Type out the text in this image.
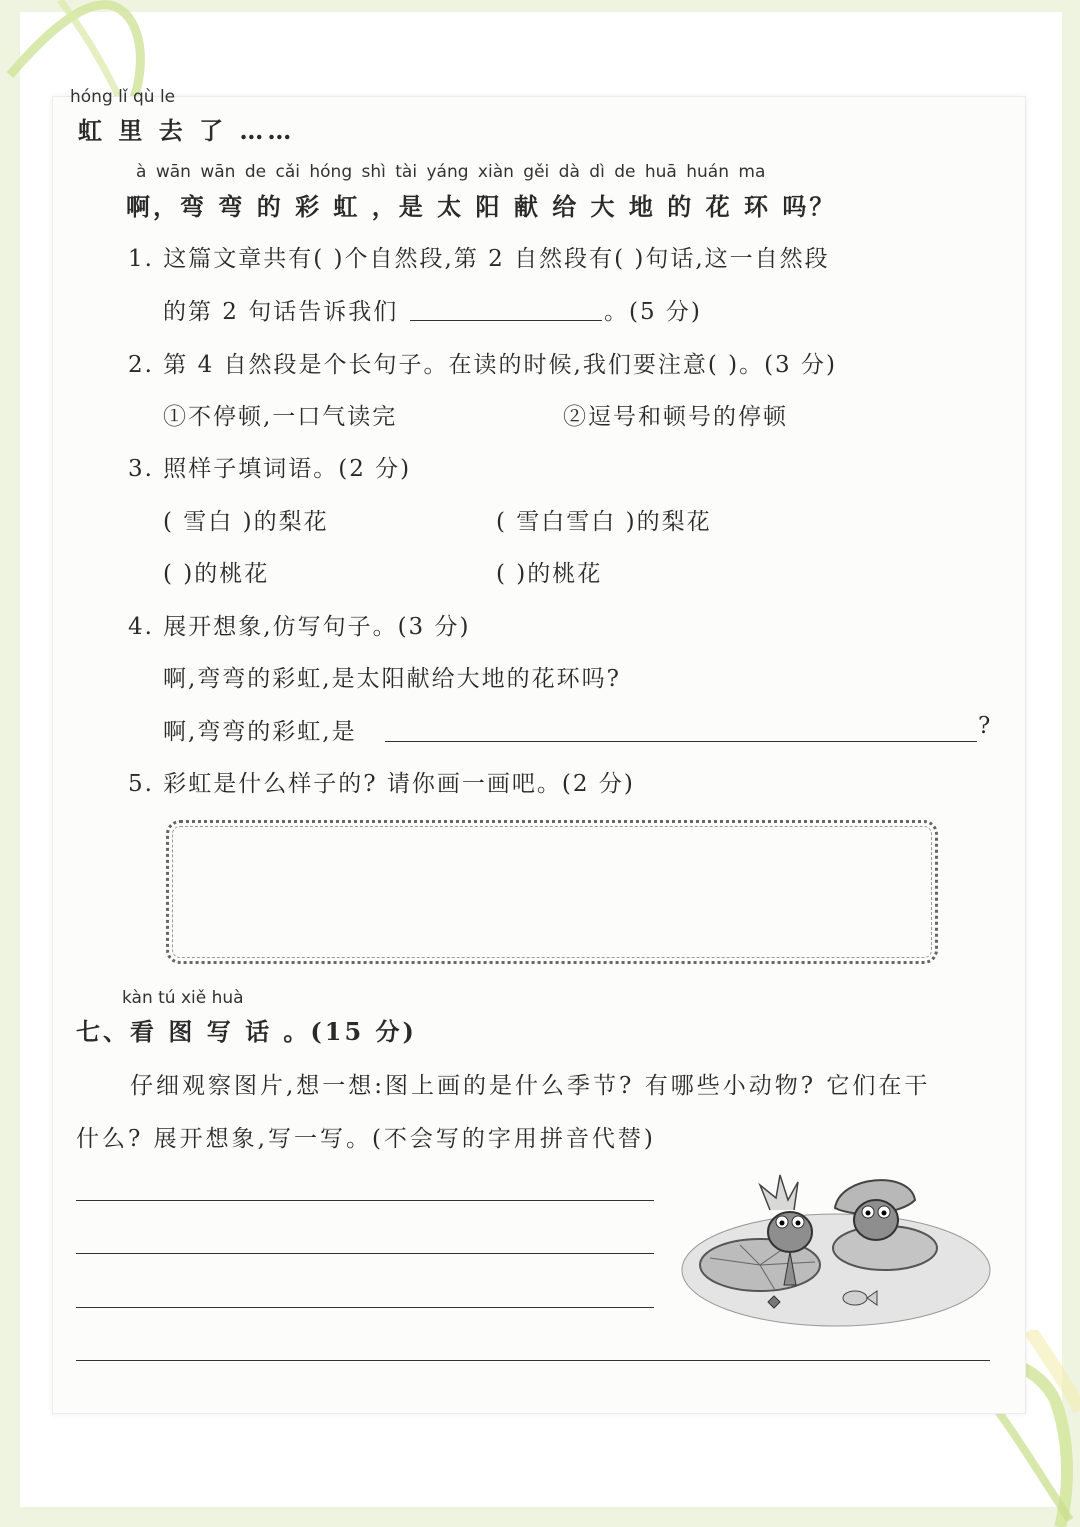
hóng lǐ qù le
虹 里 去 了 ……
à wān wān de cǎi hóng shì tài yáng xiàn gěi dà dì de huā huán ma
啊，弯 弯 的 彩 虹 ，是 太 阳 献 给 大 地 的 花 环 吗？
1. 这篇文章共有( )个自然段,第 2 自然段有( )句话,这一自然段
的第 2 句话告诉我们	。(5 分)
2. 第 4 自然段是个长句子。在读的时候,我们要注意( )。(3 分)
①不停顿,一口气读完	②逗号和顿号的停顿
3. 照样子填词语。(2 分)
( 雪白 )的梨花	( 雪白雪白 )的梨花
( )的桃花	( )的桃花
4. 展开想象,仿写句子。(3 分)
啊,弯弯的彩虹,是太阳献给大地的花环吗?
啊,弯弯的彩虹,是	?
5. 彩虹是什么样子的? 请你画一画吧。(2 分)
kàn tú xiě huà
七、看 图 写 话 。(15 分)
仔细观察图片,想一想:图上画的是什么季节? 有哪些小动物? 它们在干
什么? 展开想象,写一写。(不会写的字用拼音代替)
